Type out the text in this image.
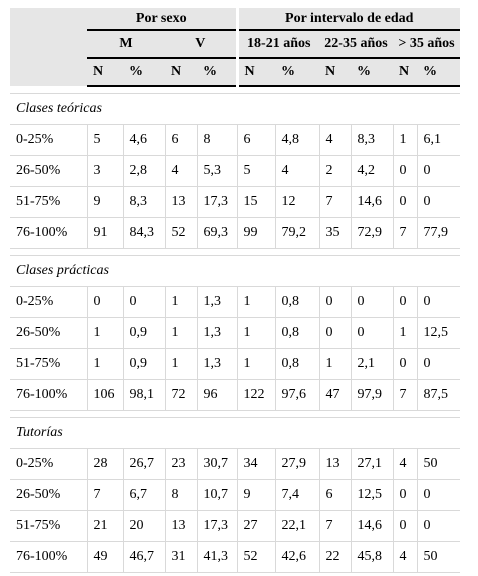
	Por sexo				Por intervalo de edad					
	M		V		18-21 años		22-35 años		> 35 años	
	N	%	N	%	N	%	N	%	N	%

Clases teóricas										
0-25%	5	4,6	6	8	6	4,8	4	8,3	1	6,1
26-50%	3	2,8	4	5,3	5	4	2	4,2	0	0
51-75%	9	8,3	13	17,3	15	12	7	14,6	0	0
76-100%	91	84,3	52	69,3	99	79,2	35	72,9	7	77,9

Clases prácticas										
0-25%	0	0	1	1,3	1	0,8	0	0	0	0
26-50%	1	0,9	1	1,3	1	0,8	0	0	1	12,5
51-75%	1	0,9	1	1,3	1	0,8	1	2,1	0	0
76-100%	106	98,1	72	96	122	97,6	47	97,9	7	87,5

Tutorías										
0-25%	28	26,7	23	30,7	34	27,9	13	27,1	4	50
26-50%	7	6,7	8	10,7	9	7,4	6	12,5	0	0
51-75%	21	20	13	17,3	27	22,1	7	14,6	0	0
76-100%	49	46,7	31	41,3	52	42,6	22	45,8	4	50
